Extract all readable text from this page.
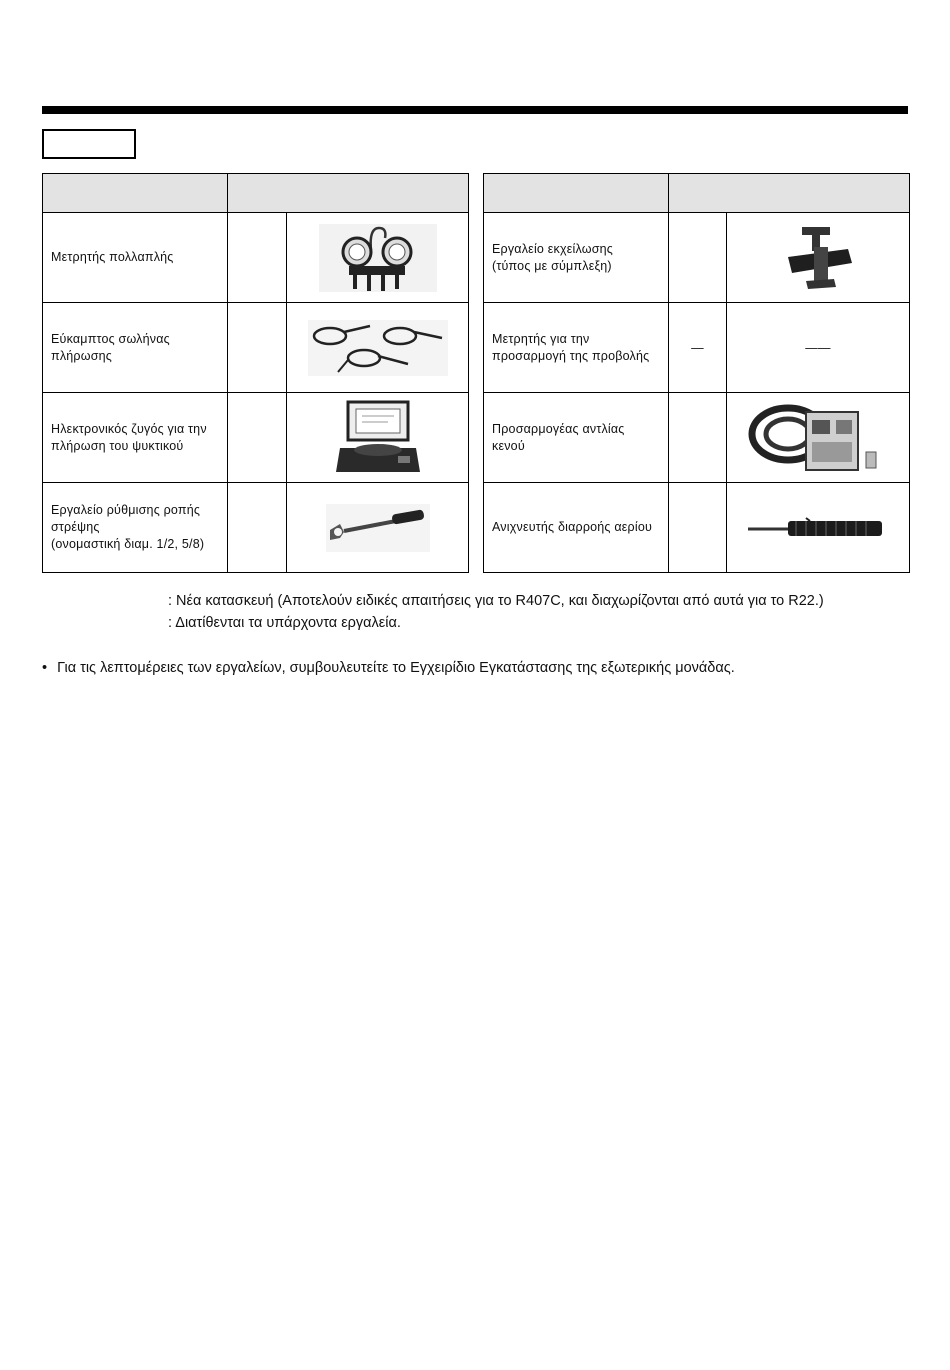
Μετρητής πολλαπλής

Εύκαμπτος σωλήνας
πλήρωσης

Ηλεκτρονικός ζυγός για την
πλήρωση του ψυκτικού

Εργαλείο ρύθμισης ροπής
στρέψης
(ονομαστική διαμ. 1/2, 5/8)

Εργαλείο εκχείλωσης
(τύπος με σύμπλεξη)

Μετρητής για την
προσαρμογή της προβολής	—	——

Προσαρμογέας αντλίας
κενού

Ανιχνευτής διαρροής αερίου

: Νέα κατασκευή (Αποτελούν ειδικές απαιτήσεις για το R407C, και διαχωρίζονται από αυτά για το R22.)
: Διατίθενται τα υπάρχοντα εργαλεία.
• Για τις λεπτομέρειες των εργαλείων, συμβουλευτείτε το Εγχειρίδιο Εγκατάστασης της εξωτερικής μονάδας.
